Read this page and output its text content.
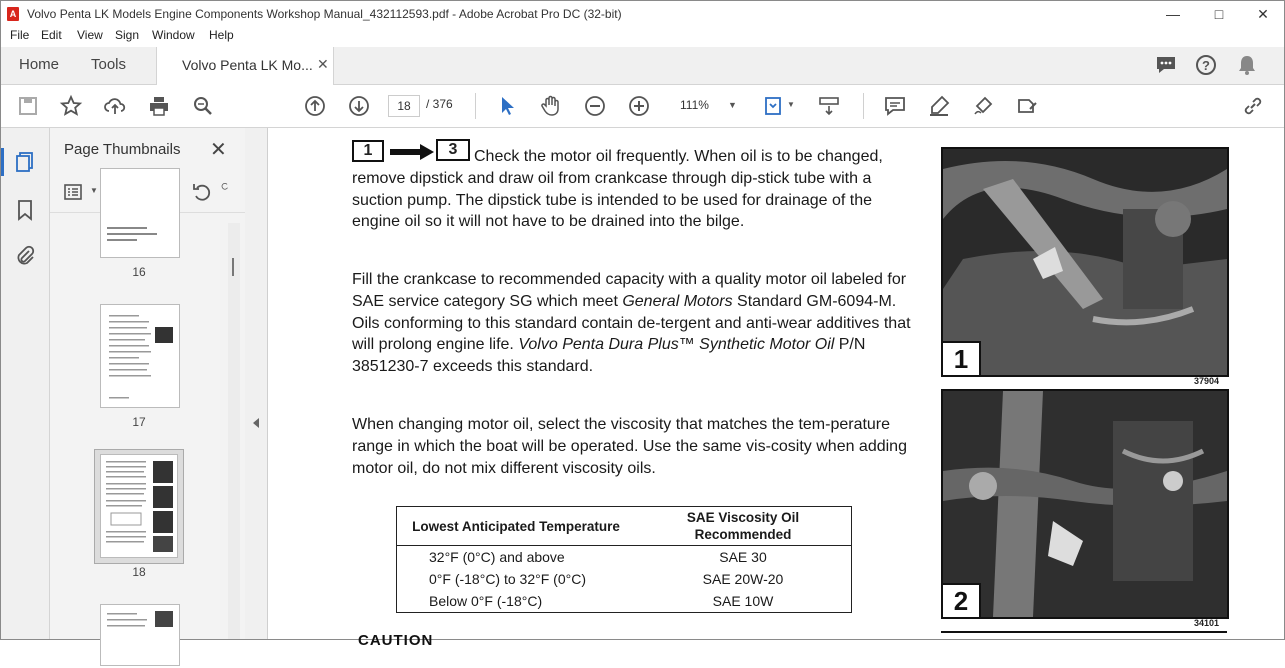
A Volvo Penta LK Models Engine Components Workshop Manual_432112593.pdf - Adobe Acrobat Pro DC (32-bit)	—	□	✕
File Edit View Sign Window Help
Home Tools	Volvo Penta LK Mo... ✕	?
18	/ 376	111% ▼	▼
Page Thumbnails ✕
▼
16
17
18
1	3	Check the motor oil frequently. When oil is to be changed, remove dipstick and draw oil from crankcase through dip-stick tube with a suction pump. The dipstick tube is intended to be used for drainage of the engine oil so it will not have to be drained into the bilge.
Fill the crankcase to recommended capacity with a quality motor oil labeled for SAE service category SG which meet General Motors Standard GM-6094-M. Oils conforming to this standard contain de-tergent and anti-wear additives that will prolong engine life. Volvo Penta Dura Plus™ Synthetic Motor Oil P/N 3851230-7 exceeds this standard.
When changing motor oil, select the viscosity that matches the tem-perature range in which the boat will be operated. Use the same vis-cosity when adding motor oil, do not mix different viscosity oils.
Lowest Anticipated Temperature	SAE Viscosity Oil Recommended
32°F (0°C) and above	SAE 30
0°F (-18°C) to 32°F (0°C)	SAE 20W-20
Below 0°F (-18°C)	SAE 10W
CAUTION
1
37904
2
34101
